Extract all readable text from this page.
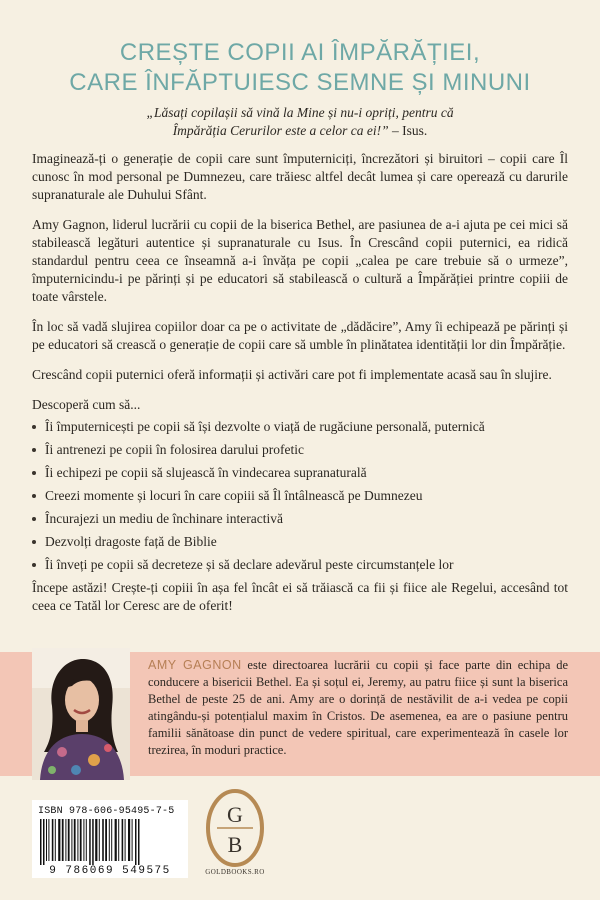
CREȘTE COPII AI ÎMPĂRĂȚIEI,
CARE ÎNFĂPTUIESC SEMNE ȘI MINUNI
„Lăsați copilașii să vină la Mine și nu-i opriți, pentru că
Împărăția Cerurilor este a celor ca ei!” – Isus.

Imaginează-ți o generație de copii care sunt împuterniciți, încrezători și biruitori – copii care Îl cunosc în mod personal pe Dumnezeu, care trăiesc altfel decât lumea și care operează cu darurile supranaturale ale Duhului Sfânt.

Amy Gagnon, liderul lucrării cu copii de la biserica Bethel, are pasiunea de a-i ajuta pe cei mici să stabilească legături autentice și supranaturale cu Isus. În Crescând copii puternici, ea ridică standardul pentru ceea ce înseamnă a-i învăța pe copii „calea pe care trebuie să o urmeze”, împuternicindu-i pe părinți și pe educatori să stabilească o cultură a Împărăției printre copiii de toate vârstele.

În loc să vadă slujirea copiilor doar ca pe o activitate de „dădăcire”, Amy îi echipează pe părinți și pe educatori să crească o generație de copii care să umble în plinătatea identității lor din Împărăție.

Crescând copii puternici oferă informații și activări care pot fi implementate acasă sau în slujire.

Descoperă cum să...

Îi împuternicești pe copii să își dezvolte o viață de rugăciune personală, puternică
Îi antrenezi pe copii în folosirea darului profetic
Îi echipezi pe copii să slujească în vindecarea supranaturală
Creezi momente și locuri în care copiii să Îl întâlnească pe Dumnezeu
Încurajezi un mediu de închinare interactivă
Dezvolți dragoste față de Biblie
Îi înveți pe copii să decreteze și să declare adevărul peste circumstanțele lor

Începe astăzi! Crește-ți copiii în așa fel încât ei să trăiască ca fii și fiice ale Regelui, accesând tot ceea ce Tatăl lor Ceresc are de oferit!

AMY GAGNON este directoarea lucrării cu copii și face parte din echipa de conducere a bisericii Bethel. Ea și soțul ei, Jeremy, au patru fiice și sunt la biserica Bethel de peste 25 de ani. Amy are o dorință de nestăvilit de a-i vedea pe copii atingându-și potențialul maxim în Cristos. De asemenea, ea are o pasiune pentru familii sănătoase din punct de vedere spiritual, care experimentează în casele lor trezirea, în moduri practice.
ISBN 978-606-95495-7-5
9 786069 549575
G
B
GOLDBOOKS.RO
